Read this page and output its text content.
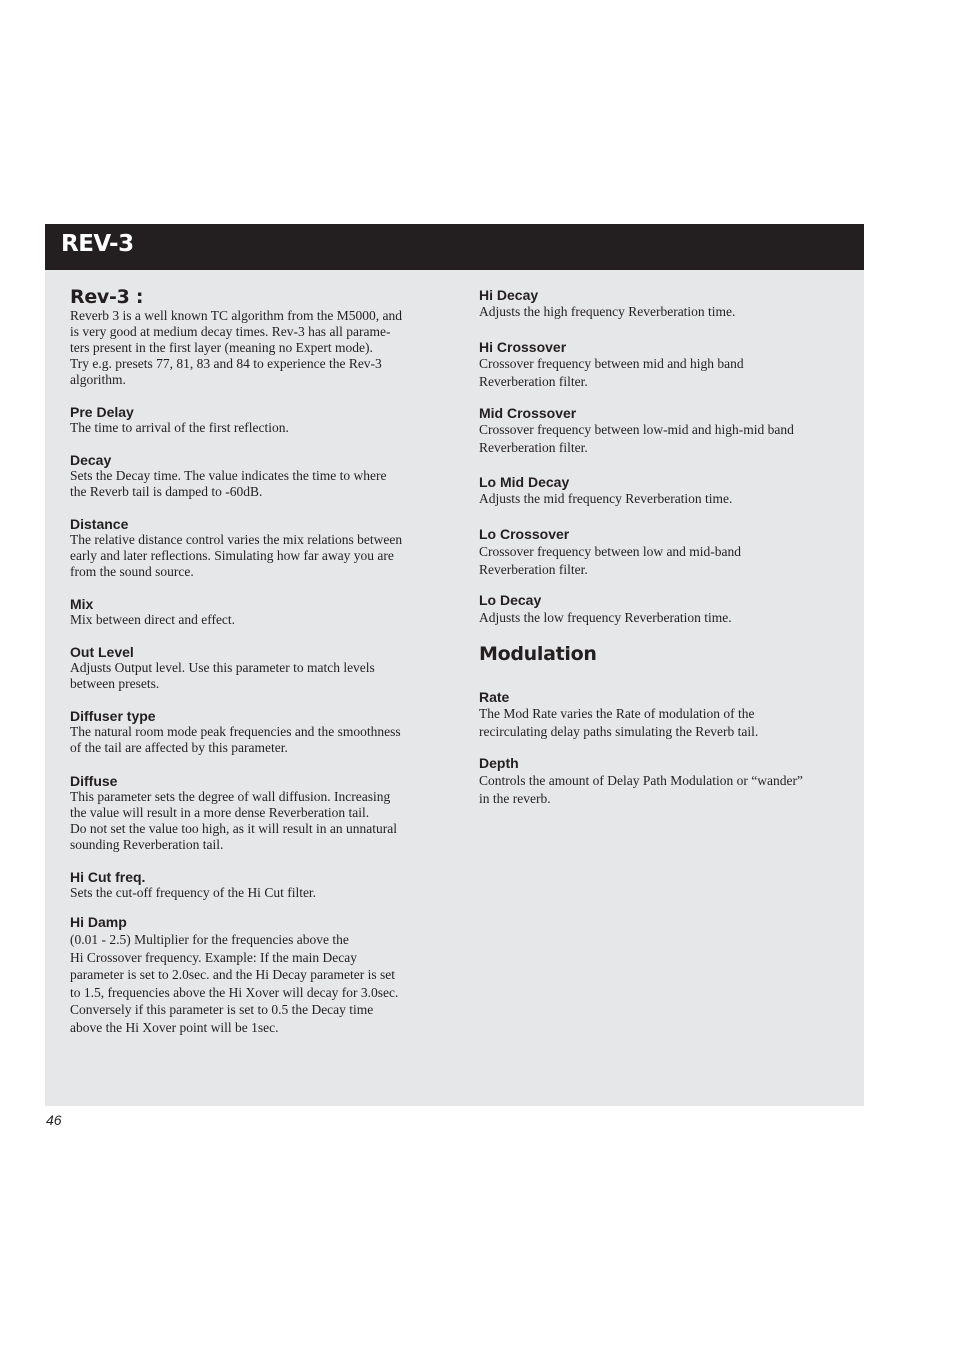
REV-3
Rev-3 :

Reverb 3 is a well known TC algorithm from the M5000, and
is very good at medium decay times. Rev-3 has all parame-
ters present in the first layer (meaning no Expert mode).
Try e.g. presets 77, 81, 83 and 84 to experience the Rev-3
algorithm.

Pre Delay

The time to arrival of the first reflection.

Decay

Sets the Decay time. The value indicates the time to where
the Reverb tail is damped to -60dB.

Distance

The relative distance control varies the mix relations between
early and later reflections. Simulating how far away you are
from the sound source.

Mix

Mix between direct and effect.

Out Level

Adjusts Output level. Use this parameter to match levels
between presets.

Diffuser type

The natural room mode peak frequencies and the smoothness
of the tail are affected by this parameter.

Diffuse

This parameter sets the degree of wall diffusion. Increasing
the value will result in a more dense Reverberation tail.
Do not set the value too high, as it will result in an unnatural
sounding Reverberation tail.

Hi Cut freq.

Sets the cut-off frequency of the Hi Cut filter.

Hi Damp

(0.01 - 2.5) Multiplier for the frequencies above the
Hi Crossover frequency. Example: If the main Decay
parameter is set to 2.0sec. and the Hi Decay parameter is set
to 1.5, frequencies above the Hi Xover will decay for 3.0sec.
Conversely if this parameter is set to 0.5 the Decay time
above the Hi Xover point will be 1sec.

Hi Decay

Adjusts the high frequency Reverberation time.

Hi Crossover

Crossover frequency between mid and high band
Reverberation filter.

Mid Crossover

Crossover frequency between low-mid and high-mid band
Reverberation filter.

Lo Mid Decay

Adjusts the mid frequency Reverberation time.

Lo Crossover

Crossover frequency between low and mid-band
Reverberation filter.

Lo Decay

Adjusts the low frequency Reverberation time.

Modulation
Rate

The Mod Rate varies the Rate of modulation of the
recirculating delay paths simulating the Reverb tail.

Depth

Controls the amount of Delay Path Modulation or “wander”
in the reverb.

46
